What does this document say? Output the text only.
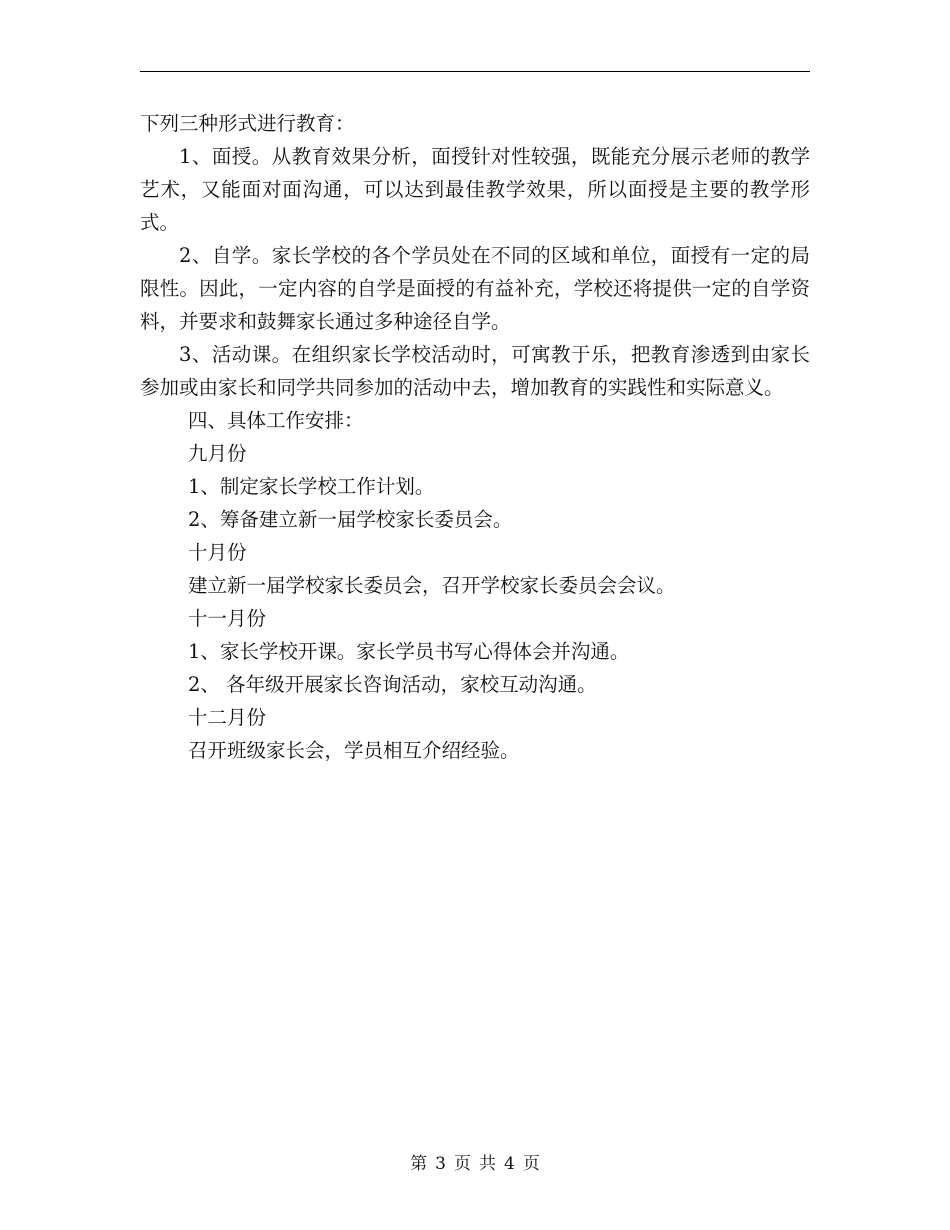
下列三种形式进行教育：

1、面授。从教育效果分析，面授针对性较强，既能充分展示老师的教学艺术，又能面对面沟通，可以达到最佳教学效果，所以面授是主要的教学形式。

2、自学。家长学校的各个学员处在不同的区域和单位，面授有一定的局限性。因此，一定内容的自学是面授的有益补充，学校还将提供一定的自学资料，并要求和鼓舞家长通过多种途径自学。

3、活动课。在组织家长学校活动时，可寓教于乐，把教育渗透到由家长参加或由家长和同学共同参加的活动中去，增加教育的实践性和实际意义。

四、具体工作安排：

九月份

1、制定家长学校工作计划。

2、筹备建立新一届学校家长委员会。

十月份

建立新一届学校家长委员会，召开学校家长委员会会议。

十一月份

1、家长学校开课。家长学员书写心得体会并沟通。

2、 各年级开展家长咨询活动，家校互动沟通。

十二月份

召开班级家长会，学员相互介绍经验。

第 3 页 共 4 页
